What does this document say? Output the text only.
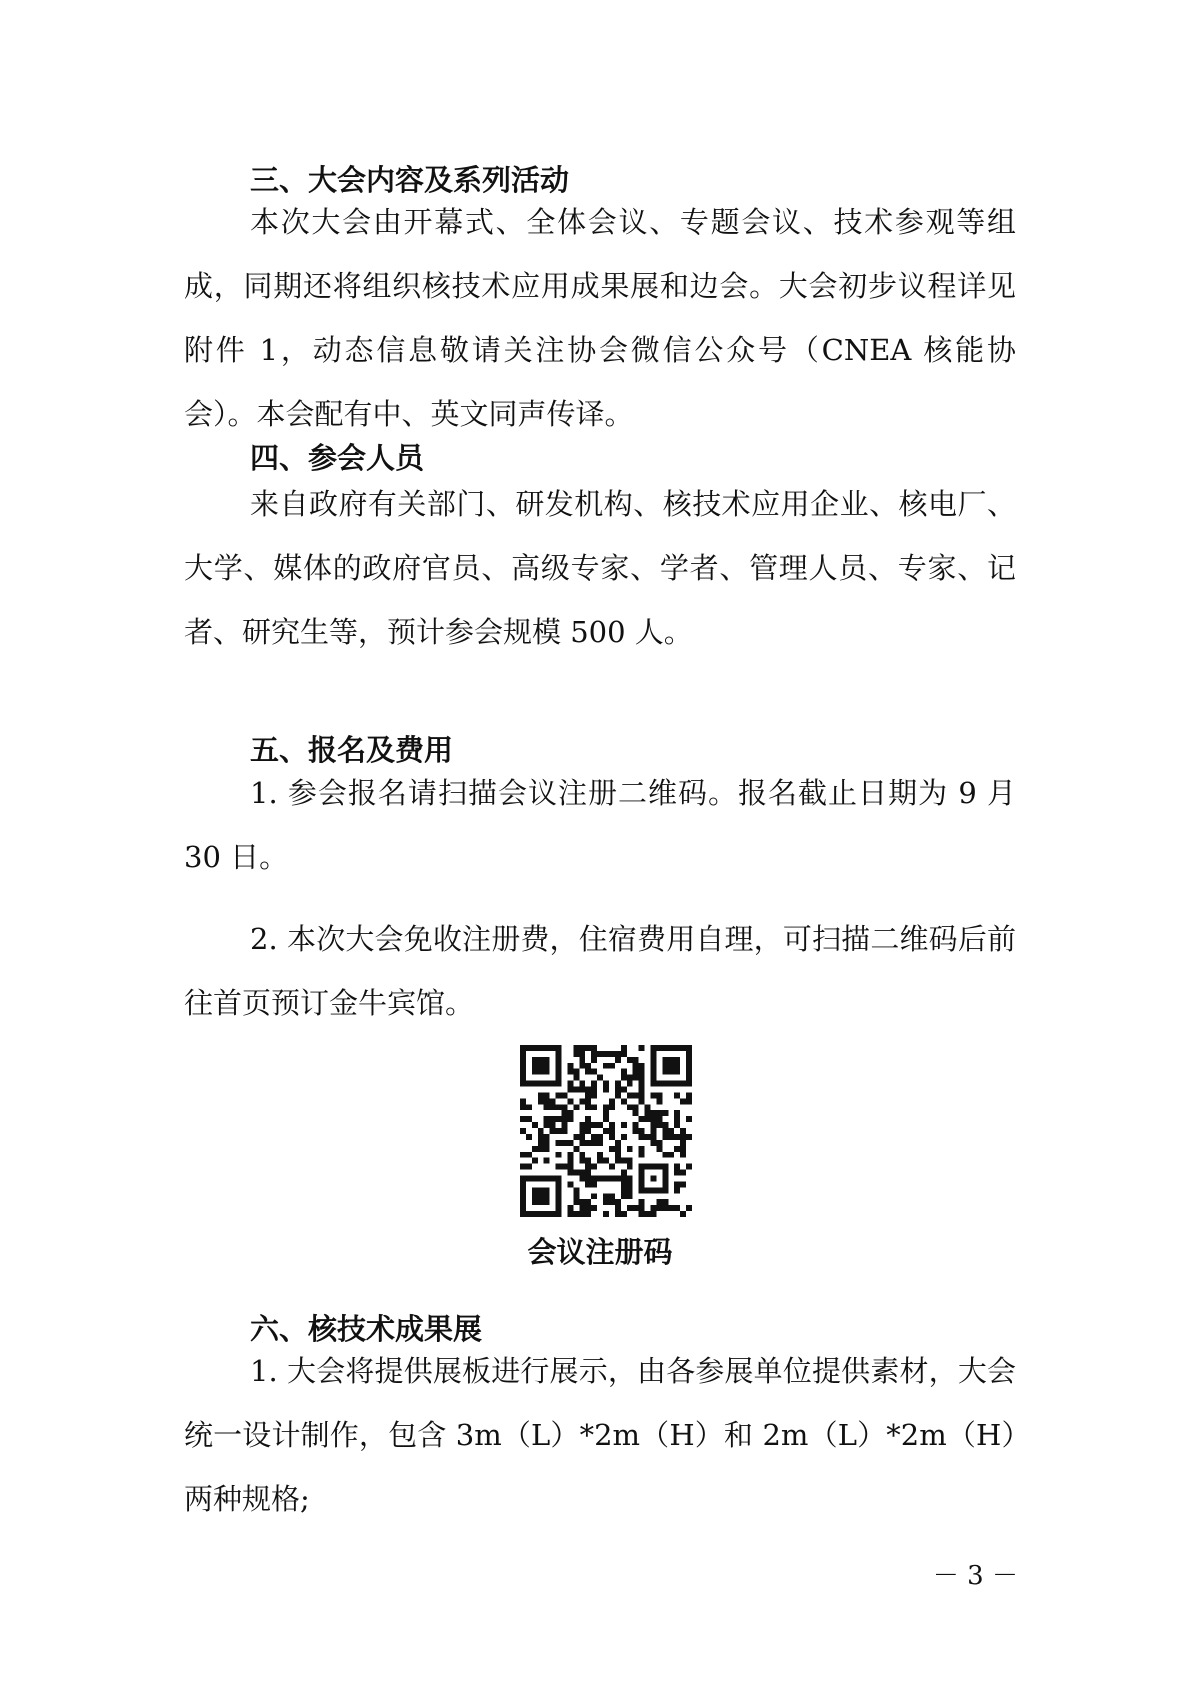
三、大会内容及系列活动

本次大会由开幕式、全体会议、专题会议、技术参观等组成，同期还将组织核技术应用成果展和边会。大会初步议程详见附件 1，动态信息敬请关注协会微信公众号（CNEA 核能协会）。本会配有中、英文同声传译。

四、参会人员

来自政府有关部门、研发机构、核技术应用企业、核电厂、大学、媒体的政府官员、高级专家、学者、管理人员、专家、记者、研究生等，预计参会规模 500 人。

五、报名及费用

1. 参会报名请扫描会议注册二维码。报名截止日期为 9 月 30 日。

2. 本次大会免收注册费，住宿费用自理，可扫描二维码后前往首页预订金牛宾馆。

会议注册码

六、核技术成果展

1. 大会将提供展板进行展示，由各参展单位提供素材，大会统一设计制作，包含 3m（L）*2m（H）和 2m（L）*2m（H）两种规格;

－ 3 －
